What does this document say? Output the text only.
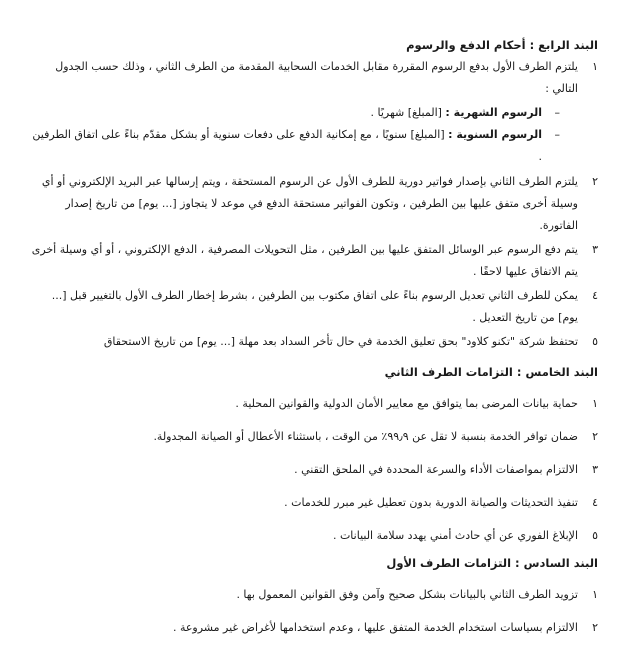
البند الرابع : أحكام الدفع والرسوم

١
يلتزم الطرف الأول بدفع الرسوم المقررة مقابل الخدمات السحابية المقدمة من الطرف الثاني ، وذلك حسب الجدول التالي :
–
الرسوم الشهرية : [المبلغ] شهريًا .
–
الرسوم السنوية : [المبلغ] سنويًا ، مع إمكانية الدفع على دفعات سنوية أو بشكل مقدّم بناءً على اتفاق الطرفين .
٢
يلتزم الطرف الثاني بإصدار فواتير دورية للطرف الأول عن الرسوم المستحقة ، ويتم إرسالها عبر البريد الإلكتروني أو أي وسيلة أخرى متفق عليها بين الطرفين ، وتكون الفواتير مستحقة الدفع في موعد لا يتجاوز [... يوم] من تاريخ إصدار الفاتورة.
٣
يتم دفع الرسوم عبر الوسائل المتفق عليها بين الطرفين ، مثل التحويلات المصرفية ، الدفع الإلكتروني ، أو أي وسيلة أخرى يتم الاتفاق عليها لاحقًا .
٤
يمكن للطرف الثاني تعديل الرسوم بناءً على اتفاق مكتوب بين الطرفين ، بشرط إخطار الطرف الأول بالتغيير قبل [... يوم] من تاريخ التعديل .
٥
تحتفظ شركة "تكنو كلاود" بحق تعليق الخدمة في حال تأخر السداد بعد مهلة [... يوم] من تاريخ الاستحقاق

البند الخامس : التزامات الطرف الثاني

١
حماية بيانات المرضى بما يتوافق مع معايير الأمان الدولية والقوانين المحلية .
٢
ضمان توافر الخدمة بنسبة لا تقل عن ٩٩٫٩٪ من الوقت ، باستثناء الأعطال أو الصيانة المجدولة.
٣
الالتزام بمواصفات الأداء والسرعة المحددة في الملحق التقني .
٤
تنفيذ التحديثات والصيانة الدورية بدون تعطيل غير مبرر للخدمات .
٥
الإبلاغ الفوري عن أي حادث أمني يهدد سلامة البيانات .

البند السادس : التزامات الطرف الأول

١
تزويد الطرف الثاني بالبيانات بشكل صحيح وآمن وفق القوانين المعمول بها .
٢
الالتزام بسياسات استخدام الخدمة المتفق عليها ، وعدم استخدامها لأغراض غير مشروعة .
